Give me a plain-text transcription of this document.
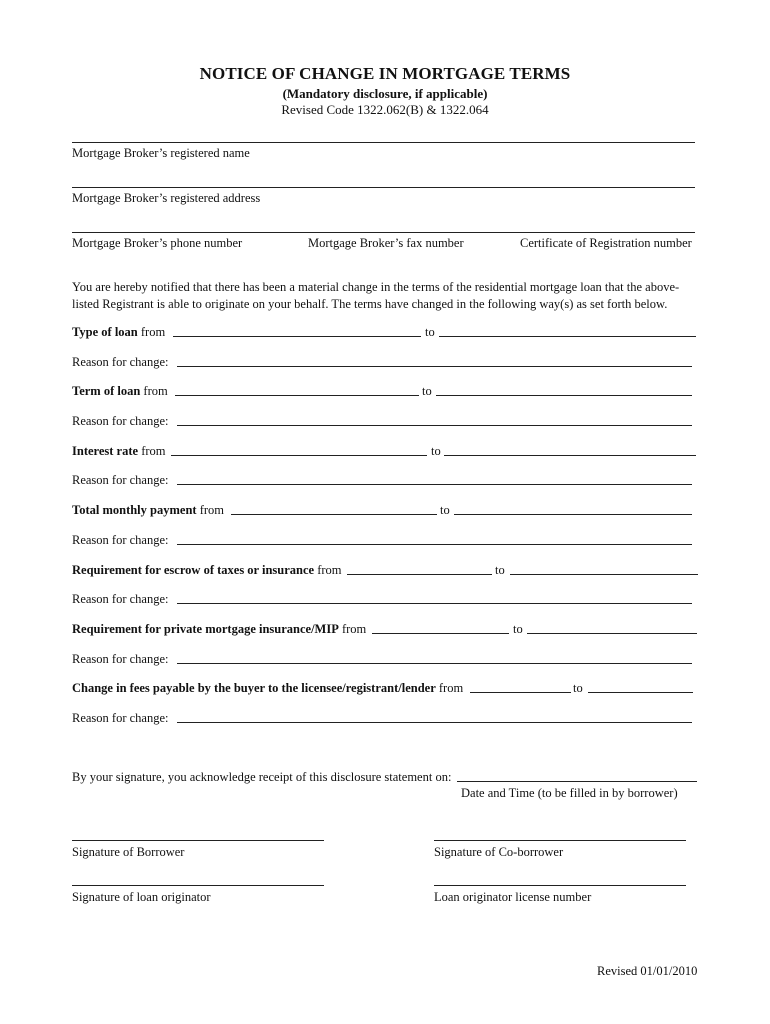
NOTICE OF CHANGE IN MORTGAGE TERMS
(Mandatory disclosure, if applicable)
Revised Code 1322.062(B) & 1322.064
Mortgage Broker’s registered name
Mortgage Broker’s registered address
Mortgage Broker’s phone number	Mortgage Broker’s fax number	Certificate of Registration number
You are hereby notified that there has been a material change in the terms of the residential mortgage loan that the above-listed Registrant is able to originate on your behalf. The terms have changed in the following way(s) as set forth below.
Type of loan from	to
Reason for change:
Term of loan from	to
Reason for change:
Interest rate from	to
Reason for change:
Total monthly payment from	to
Reason for change:
Requirement for escrow of taxes or insurance from	to
Reason for change:
Requirement for private mortgage insurance/MIP from	to
Reason for change:
Change in fees payable by the buyer to the licensee/registrant/lender from	to
Reason for change:
By your signature, you acknowledge receipt of this disclosure statement on:
Date and Time (to be filled in by borrower)
Signature of Borrower	Signature of Co-borrower
Signature of loan originator	Loan originator license number
Revised 01/01/2010
